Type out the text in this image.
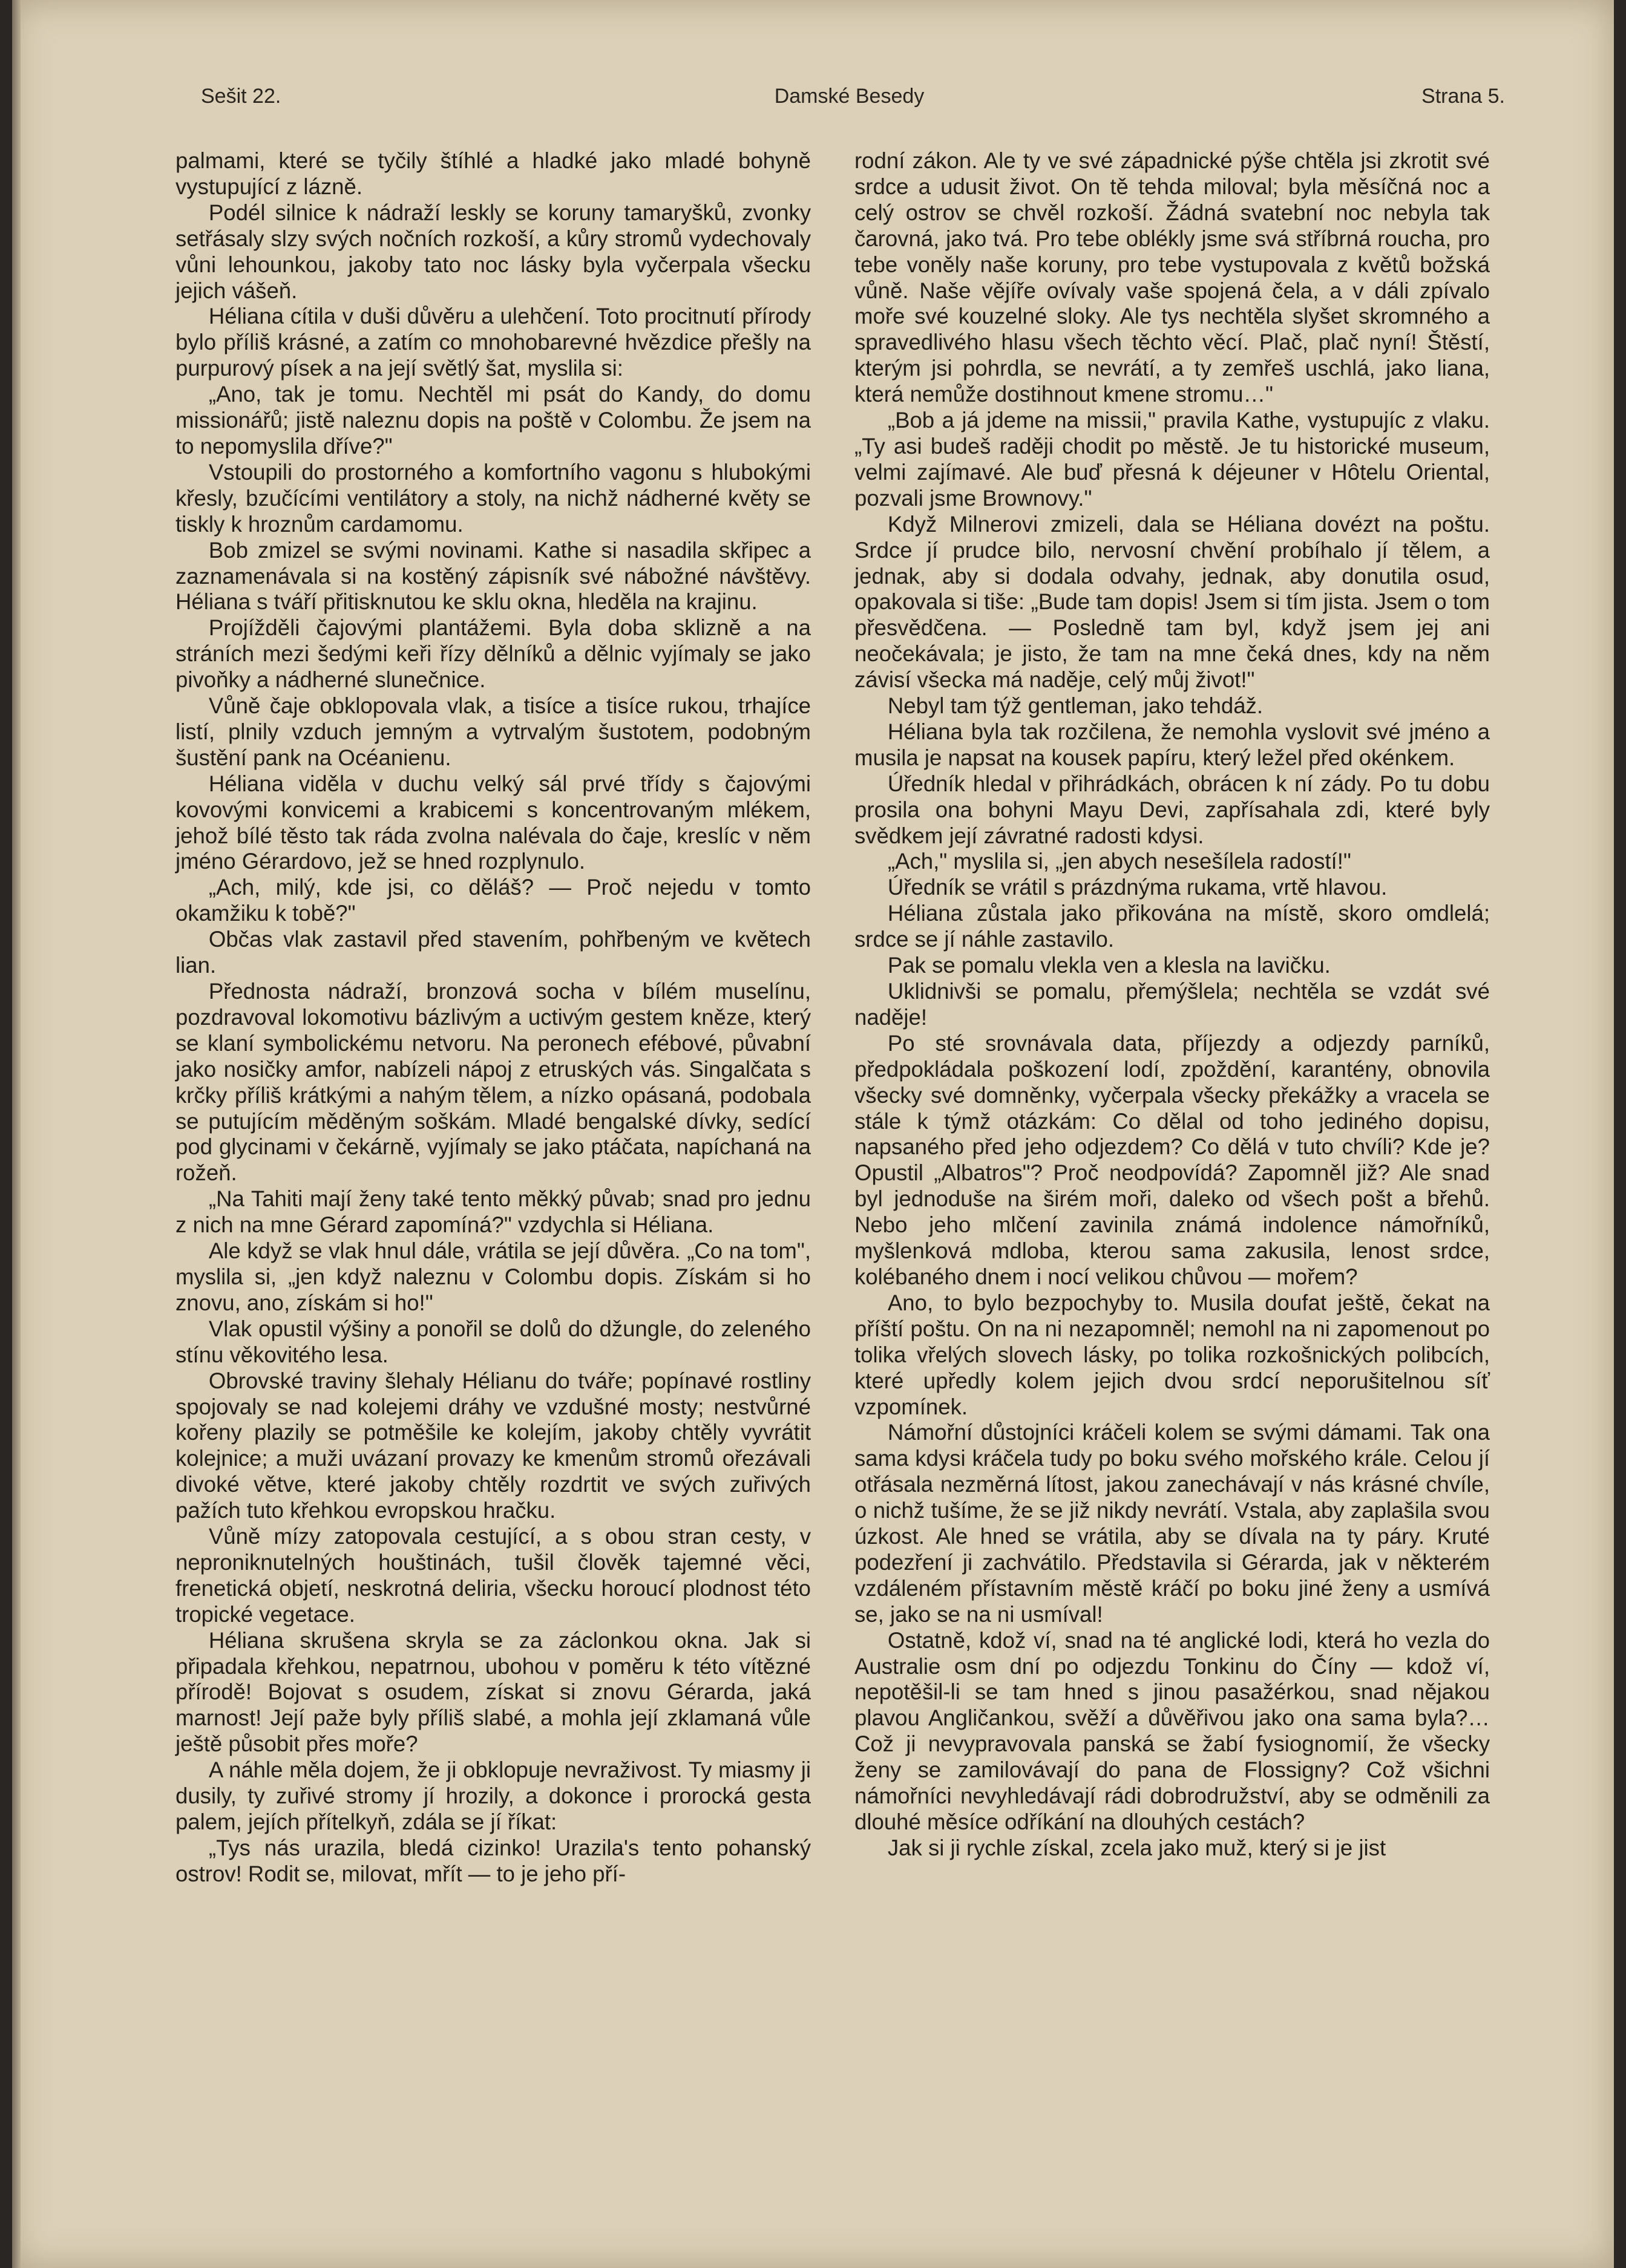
Sešit 22.	Damské Besedy	Strana 5.

palmami, které se tyčily štíhlé a hladké jako mladé bohyně vystupující z lázně.

Podél silnice k nádraží leskly se koruny tamaryšků, zvonky setřásaly slzy svých nočních rozkoší, a kůry stromů vydechovaly vůni lehounkou, jakoby tato noc lásky byla vyčerpala všecku jejich vášeň.

Héliana cítila v duši důvěru a ulehčení. Toto procitnutí přírody bylo příliš krásné, a zatím co mnohobarevné hvězdice přešly na purpurový písek a na její světlý šat, myslila si:

„Ano, tak je tomu. Nechtěl mi psát do Kandy, do domu missionářů; jistě naleznu dopis na poště v Colombu. Že jsem na to nepomyslila dříve?"

Vstoupili do prostorného a komfortního vagonu s hlubokými křesly, bzučícími ventilátory a stoly, na nichž nádherné květy se tiskly k hroznům cardamomu.

Bob zmizel se svými novinami. Kathe si nasadila skřipec a zaznamenávala si na kostěný zápisník své nábožné návštěvy. Héliana s tváří přitisknutou ke sklu okna, hleděla na krajinu.

Projížděli čajovými plantážemi. Byla doba sklizně a na stráních mezi šedými keři řízy dělníků a dělnic vyjímaly se jako pivoňky a nádherné slunečnice.

Vůně čaje obklopovala vlak, a tisíce a tisíce rukou, trhajíce listí, plnily vzduch jemným a vytrvalým šustotem, podobným šustění pank na Océanienu.

Héliana viděla v duchu velký sál prvé třídy s čajovými kovovými konvicemi a krabicemi s koncentrovaným mlékem, jehož bílé těsto tak ráda zvolna nalévala do čaje, kreslíc v něm jméno Gérardovo, jež se hned rozplynulo.

„Ach, milý, kde jsi, co děláš? — Proč nejedu v tomto okamžiku k tobě?"

Občas vlak zastavil před stavením, pohřbeným ve květech lian.

Přednosta nádraží, bronzová socha v bílém muselínu, pozdravoval lokomotivu bázlivým a uctivým gestem kněze, který se klaní symbolickému netvoru. Na peronech efébové, půvabní jako nosičky amfor, nabízeli nápoj z etruských vás. Singalčata s krčky příliš krátkými a nahým tělem, a nízko opásaná, podobala se putujícím měděným soškám. Mladé bengalské dívky, sedící pod glycinami v čekárně, vyjímaly se jako ptáčata, napíchaná na rožeň.

„Na Tahiti mají ženy také tento měkký půvab; snad pro jednu z nich na mne Gérard zapomíná?" vzdychla si Héliana.

Ale když se vlak hnul dále, vrátila se její důvěra. „Co na tom", myslila si, „jen když naleznu v Colombu dopis. Získám si ho znovu, ano, získám si ho!"

Vlak opustil výšiny a ponořil se dolů do džungle, do zeleného stínu věkovitého lesa.

Obrovské traviny šlehaly Hélianu do tváře; popínavé rostliny spojovaly se nad kolejemi dráhy ve vzdušné mosty; nestvůrné kořeny plazily se potměšile ke kolejím, jakoby chtěly vyvrátit kolejnice; a muži uvázaní provazy ke kmenům stromů ořezávali divoké větve, které jakoby chtěly rozdrtit ve svých zuřivých pažích tuto křehkou evropskou hračku.

Vůně mízy zatopovala cestující, a s obou stran cesty, v neproniknutelných houštinách, tušil člověk tajemné věci, frenetická objetí, neskrotná deliria, všecku horoucí plodnost této tropické vegetace.

Héliana skrušena skryla se za záclonkou okna. Jak si připadala křehkou, nepatrnou, ubohou v poměru k této vítězné přírodě! Bojovat s osudem, získat si znovu Gérarda, jaká marnost! Její paže byly příliš slabé, a mohla její zklamaná vůle ještě působit přes moře?

A náhle měla dojem, že ji obklopuje nevraživost. Ty miasmy ji dusily, ty zuřivé stromy jí hrozily, a dokonce i prorocká gesta palem, jejích přítelkyň, zdála se jí říkat:

„Tys nás urazila, bledá cizinko! Urazila's tento pohanský ostrov! Rodit se, milovat, mřít — to je jeho pří-

rodní zákon. Ale ty ve své západnické pýše chtěla jsi zkrotit své srdce a udusit život. On tě tehda miloval; byla měsíčná noc a celý ostrov se chvěl rozkoší. Žádná svatební noc nebyla tak čarovná, jako tvá. Pro tebe oblékly jsme svá stříbrná roucha, pro tebe voněly naše koruny, pro tebe vystupovala z květů božská vůně. Naše vějíře ovívaly vaše spojená čela, a v dáli zpívalo moře své kouzelné sloky. Ale tys nechtěla slyšet skromného a spravedlivého hlasu všech těchto věcí. Plač, plač nyní! Štěstí, kterým jsi pohrdla, se nevrátí, a ty zemřeš uschlá, jako liana, která nemůže dostihnout kmene stromu…"

„Bob a já jdeme na missii," pravila Kathe, vystupujíc z vlaku. „Ty asi budeš raději chodit po městě. Je tu historické museum, velmi zajímavé. Ale buď přesná k déjeuner v Hôtelu Oriental, pozvali jsme Brownovy."

Když Milnerovi zmizeli, dala se Héliana dovézt na poštu. Srdce jí prudce bilo, nervosní chvění probíhalo jí tělem, a jednak, aby si dodala odvahy, jednak, aby donutila osud, opakovala si tiše: „Bude tam dopis! Jsem si tím jista. Jsem o tom přesvědčena. — Posledně tam byl, když jsem jej ani neočekávala; je jisto, že tam na mne čeká dnes, kdy na něm závisí všecka má naděje, celý můj život!"

Nebyl tam týž gentleman, jako tehdáž.

Héliana byla tak rozčilena, že nemohla vyslovit své jméno a musila je napsat na kousek papíru, který ležel před okénkem.

Úředník hledal v přihrádkách, obrácen k ní zády. Po tu dobu prosila ona bohyni Mayu Devi, zapřísahala zdi, které byly svědkem její závratné radosti kdysi.

„Ach," myslila si, „jen abych nesešílela radostí!"

Úředník se vrátil s prázdnýma rukama, vrtě hlavou.

Héliana zůstala jako přikována na místě, skoro omdlelá; srdce se jí náhle zastavilo.

Pak se pomalu vlekla ven a klesla na lavičku.

Uklidnivši se pomalu, přemýšlela; nechtěla se vzdát své naděje!

Po sté srovnávala data, příjezdy a odjezdy parníků, předpokládala poškození lodí, zpoždění, karantény, obnovila všecky své domněnky, vyčerpala všecky překážky a vracela se stále k týmž otázkám: Co dělal od toho jediného dopisu, napsaného před jeho odjezdem? Co dělá v tuto chvíli? Kde je? Opustil „Albatros"? Proč neodpovídá? Zapomněl již? Ale snad byl jednoduše na širém moři, daleko od všech pošt a břehů. Nebo jeho mlčení zavinila známá indolence námořníků, myšlenková mdloba, kterou sama zakusila, lenost srdce, kolébaného dnem i nocí velikou chůvou — mořem?

Ano, to bylo bezpochyby to. Musila doufat ještě, čekat na příští poštu. On na ni nezapomněl; nemohl na ni zapomenout po tolika vřelých slovech lásky, po tolika rozkošnických polibcích, které upředly kolem jejich dvou srdcí neporušitelnou síť vzpomínek.

Námořní důstojníci kráčeli kolem se svými dámami. Tak ona sama kdysi kráčela tudy po boku svého mořského krále. Celou jí otřásala nezměrná lítost, jakou zanechávají v nás krásné chvíle, o nichž tušíme, že se již nikdy nevrátí. Vstala, aby zaplašila svou úzkost. Ale hned se vrátila, aby se dívala na ty páry. Kruté podezření ji zachvátilo. Představila si Gérarda, jak v některém vzdáleném přístavním městě kráčí po boku jiné ženy a usmívá se, jako se na ni usmíval!

Ostatně, kdož ví, snad na té anglické lodi, která ho vezla do Australie osm dní po odjezdu Tonkinu do Číny — kdož ví, nepotěšil-li se tam hned s jinou pasažérkou, snad nějakou plavou Angličankou, svěží a důvěřivou jako ona sama byla?… Což ji nevypravovala panská se žabí fysiognomií, že všecky ženy se zamilovávají do pana de Flossigny? Což všichni námořníci nevyhledávají rádi dobrodružství, aby se odměnili za dlouhé měsíce odříkání na dlouhých cestách?

Jak si ji rychle získal, zcela jako muž, který si je jist
